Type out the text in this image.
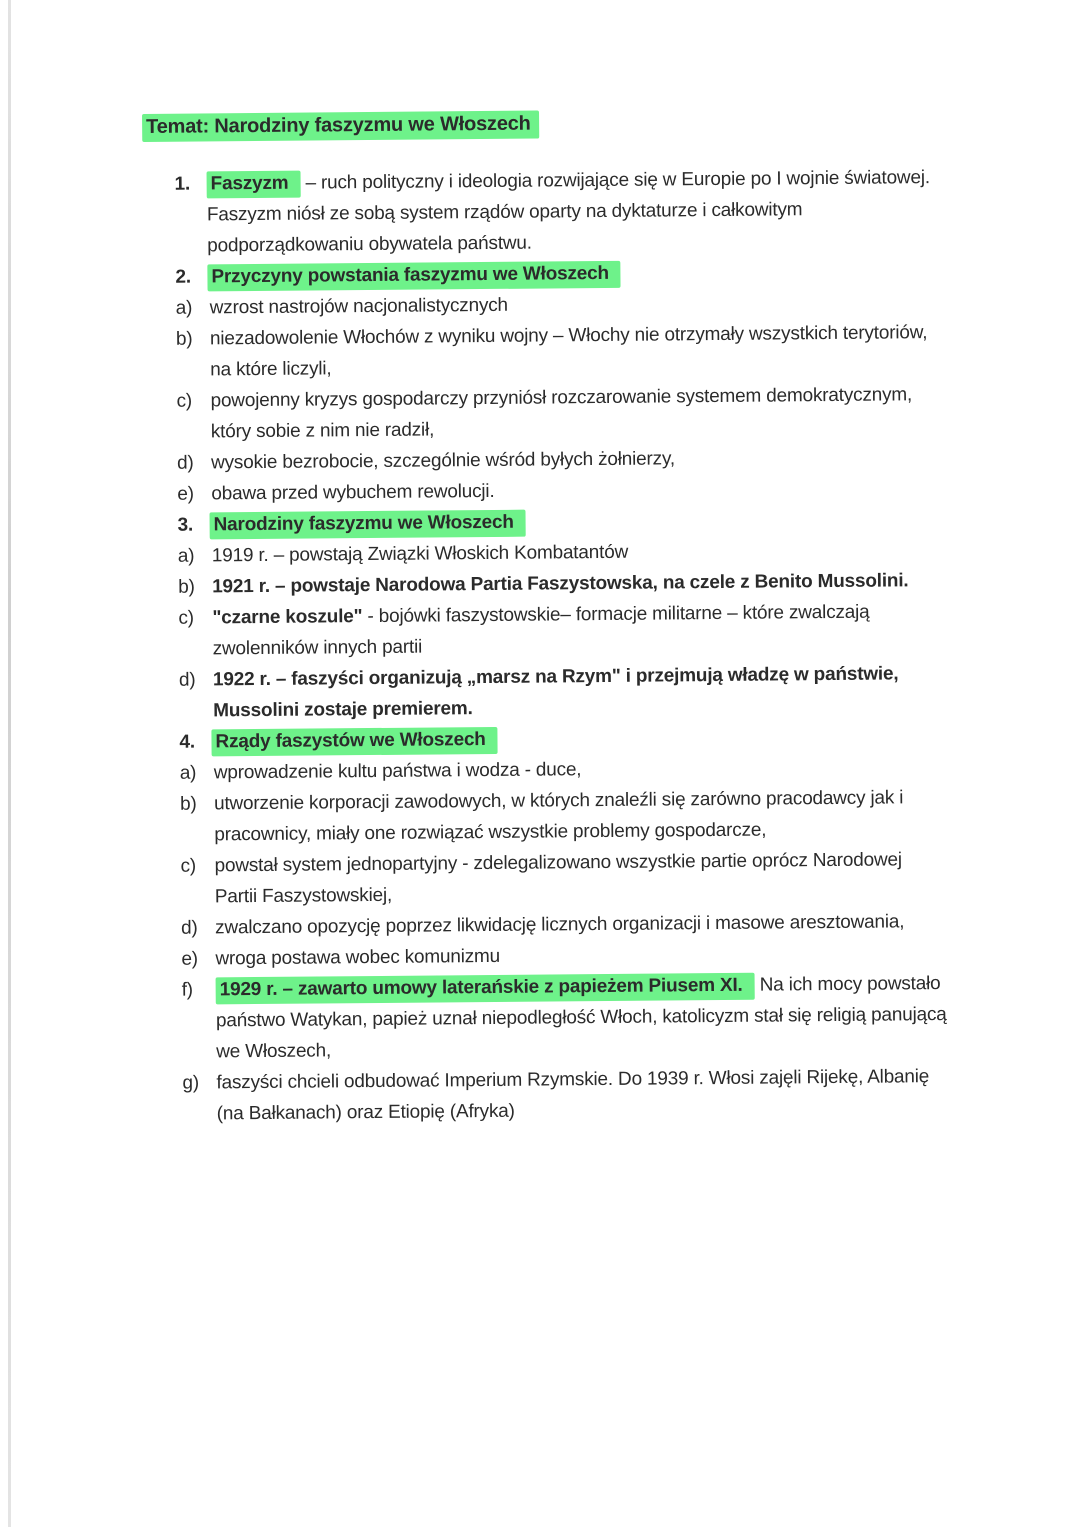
Temat: Narodziny faszyzmu we Włoszech
1. Faszyzm – ruch polityczny i ideologia rozwijające się w Europie po I wojnie światowej. Faszyzm niósł ze sobą system rządów oparty na dyktaturze i całkowitym podporządkowaniu obywatela państwu.

2. Przyczyny powstania faszyzmu we Włoszech
a) wzrost nastrojów nacjonalistycznych
b) niezadowolenie Włochów z wyniku wojny – Włochy nie otrzymały wszystkich terytoriów, na które liczyli,
c) powojenny kryzys gospodarczy przyniósł rozczarowanie systemem demokratycznym, który sobie z nim nie radził,
d) wysokie bezrobocie, szczególnie wśród byłych żołnierzy,
e) obawa przed wybuchem rewolucji.
3. Narodziny faszyzmu we Włoszech
a) 1919 r. – powstają Związki Włoskich Kombatantów
b) 1921 r. – powstaje Narodowa Partia Faszystowska, na czele z Benito Mussolini.
c) "czarne koszule" - bojówki faszystowskie– formacje militarne – które zwalczają zwolenników innych partii
d) 1922 r. – faszyści organizują „marsz na Rzym" i przejmują władzę w państwie, Mussolini zostaje premierem.
4. Rządy faszystów we Włoszech
a) wprowadzenie kultu państwa i wodza - duce,
b) utworzenie korporacji zawodowych, w których znaleźli się zarówno pracodawcy jak i pracownicy, miały one rozwiązać wszystkie problemy gospodarcze,
c) powstał system jednopartyjny - zdelegalizowano wszystkie partie oprócz Narodowej Partii Faszystowskiej,
d) zwalczano opozycję poprzez likwidację licznych organizacji i masowe aresztowania,
e) wroga postawa wobec komunizmu
f)	1929 r. – zawarto umowy laterańskie z papieżem Piusem XI. Na ich mocy powstało państwo Watykan, papież uznał niepodległość Włoch, katolicyzm stał się religią panującą we Włoszech,
g) faszyści chcieli odbudować Imperium Rzymskie. Do 1939 r. Włosi zajęli Rijekę, Albanię (na Bałkanach) oraz Etiopię (Afryka)
